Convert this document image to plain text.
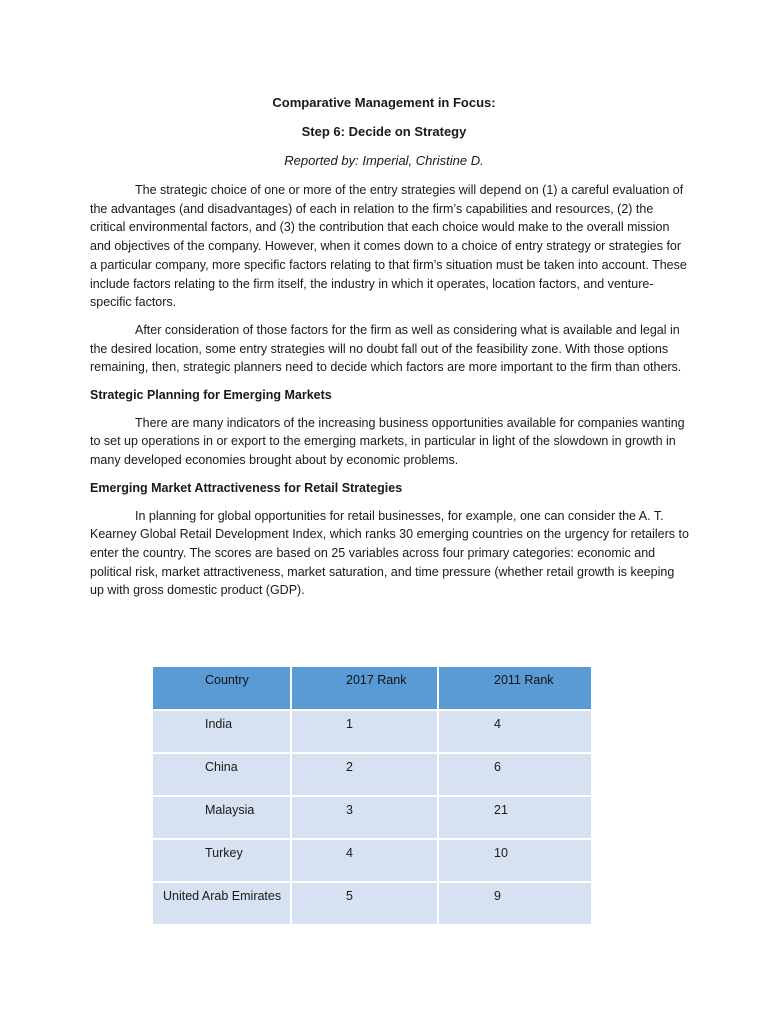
Comparative Management in Focus:
Step 6: Decide on Strategy
Reported by: Imperial, Christine D.

The strategic choice of one or more of the entry strategies will depend on (1) a careful evaluation of the advantages (and disadvantages) of each in relation to the firm’s capabilities and resources, (2) the critical environmental factors, and (3) the contribution that each choice would make to the overall mission and objectives of the company. However, when it comes down to a choice of entry strategy or strategies for a particular company, more specific factors relating to that firm’s situation must be taken into account. These include factors relating to the firm itself, the industry in which it operates, location factors, and venture-specific factors.

After consideration of those factors for the firm as well as considering what is available and legal in the desired location, some entry strategies will no doubt fall out of the feasibility zone. With those options remaining, then, strategic planners need to decide which factors are more important to the firm than others.

Strategic Planning for Emerging Markets

There are many indicators of the increasing business opportunities available for companies wanting to set up operations in or export to the emerging markets, in particular in light of the slowdown in growth in many developed economies brought about by economic problems.

Emerging Market Attractiveness for Retail Strategies

In planning for global opportunities for retail businesses, for example, one can consider the A. T. Kearney Global Retail Development Index, which ranks 30 emerging countries on the urgency for retailers to enter the country. The scores are based on 25 variables across four primary categories: economic and political risk, market attractiveness, market saturation, and time pressure (whether retail growth is keeping up with gross domestic product (GDP).

Country	2017 Rank	2011 Rank
India	1	4
China	2	6
Malaysia	3	21
Turkey	4	10
United Arab Emirates	5	9
